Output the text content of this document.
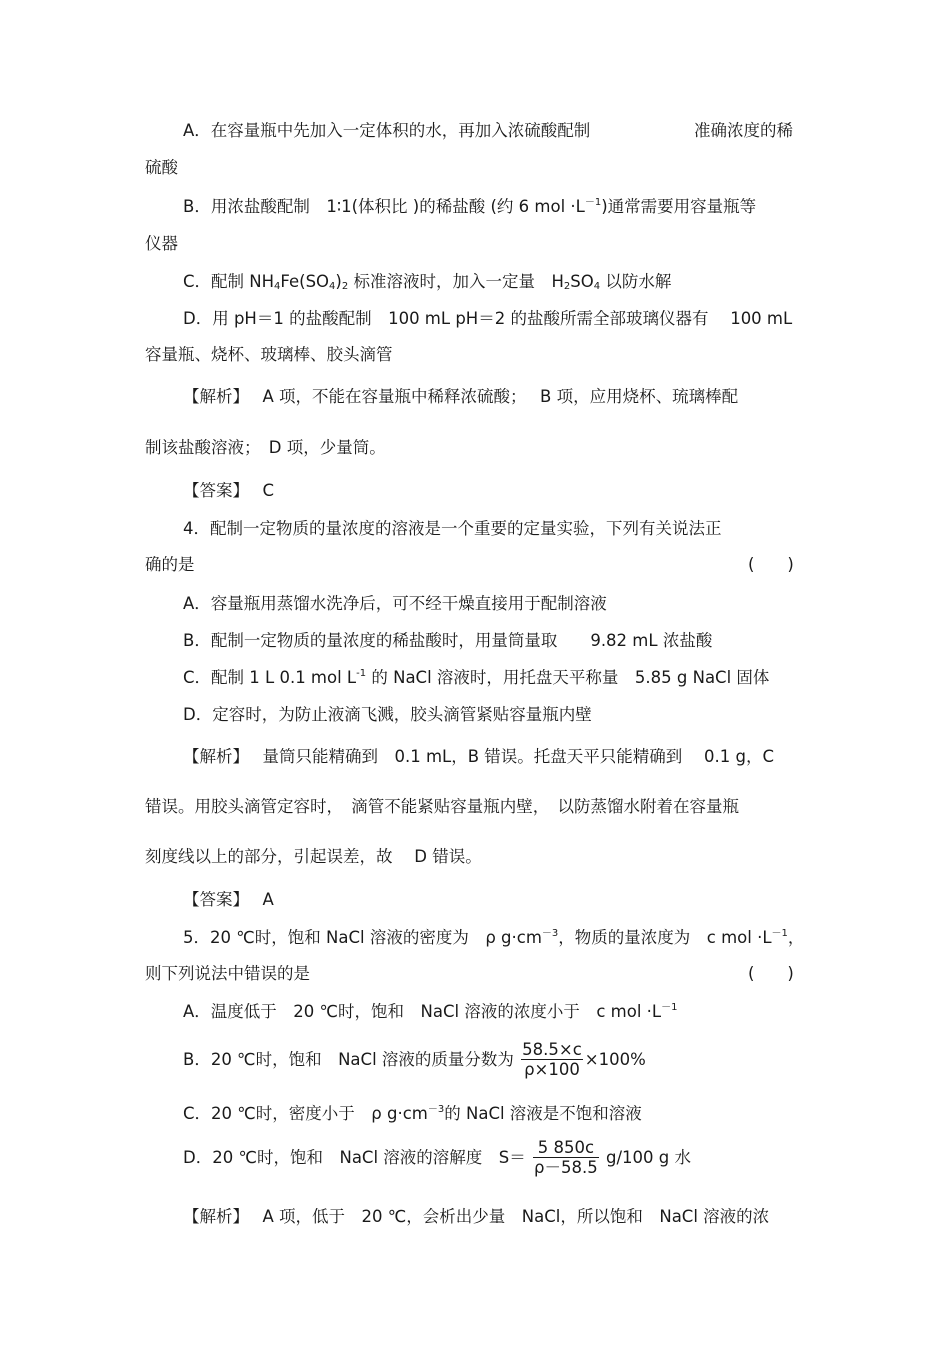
A．在容量瓶中先加入一定体积的水，再加入浓硫酸配制	准确浓度的稀
硫酸
B．用浓盐酸配制　1∶1(体积比 )的稀盐酸 (约 6 mol $\cdot L^{-1}$)通常需要用容量瓶等
仪器
C．配制 $NH_4Fe(SO_4)_2$ 标准溶液时，加入一定量　$H_2SO_4$ 以防水解
D．用 pH＝1 的盐酸配制　100 mL pH＝2 的盐酸所需全部玻璃仪器有　 100 mL
容量瓶、烧杯、玻璃棒、胶头滴管
【解析】　 A 项，不能在容量瓶中稀释浓硫酸；　 B 项，应用烧杯、琉璃棒配
制该盐酸溶液；　D 项，少量筒。
【答案】　 C
4．配制一定物质的量浓度的溶液是一个重要的定量实验，下列有关说法正
确的是	(　　)
A．容量瓶用蒸馏水洗净后，可不经干燥直接用于配制溶液
B．配制一定物质的量浓度的稀盐酸时，用量筒量取　　9.82 mL 浓盐酸
C．配制 1 L 0.1 mol $L^{-1}$ 的 NaCl 溶液时，用托盘天平称量　5.85 g NaCl 固体
D．定容时，为防止液滴飞溅，胶头滴管紧贴容量瓶内壁
【解析】　 量筒只能精确到　0.1 mL，B 错误。托盘天平只能精确到　 0.1 g，C
错误。用胶头滴管定容时，　滴管不能紧贴容量瓶内壁，　以防蒸馏水附着在容量瓶
刻度线以上的部分，引起误差，故　 D 错误。
【答案】　 A
5．20 ℃时，饱和 NaCl 溶液的密度为　ρ $g\cdot cm^{-3}$，物质的量浓度为　c mol $\cdot L^{-1}$，
则下列说法中错误的是	(　　)
A．温度低于　20 ℃时，饱和　NaCl 溶液的浓度小于　c mol $\cdot L^{-1}$
B．20 ℃时，饱和　NaCl 溶液的质量分数为 $\frac{58.5\times c}{\rho\times 100} \times 100\%$
C．20 ℃时，密度小于　ρ $g\cdot cm^{-3}$的 NaCl 溶液是不饱和溶液
D．20 ℃时，饱和　NaCl 溶液的溶解度　$S= \frac{5 850c}{\rho-58.5} g/100$ g 水
【解析】　 A 项，低于　20 ℃，会析出少量　NaCl，所以饱和　NaCl 溶液的浓
